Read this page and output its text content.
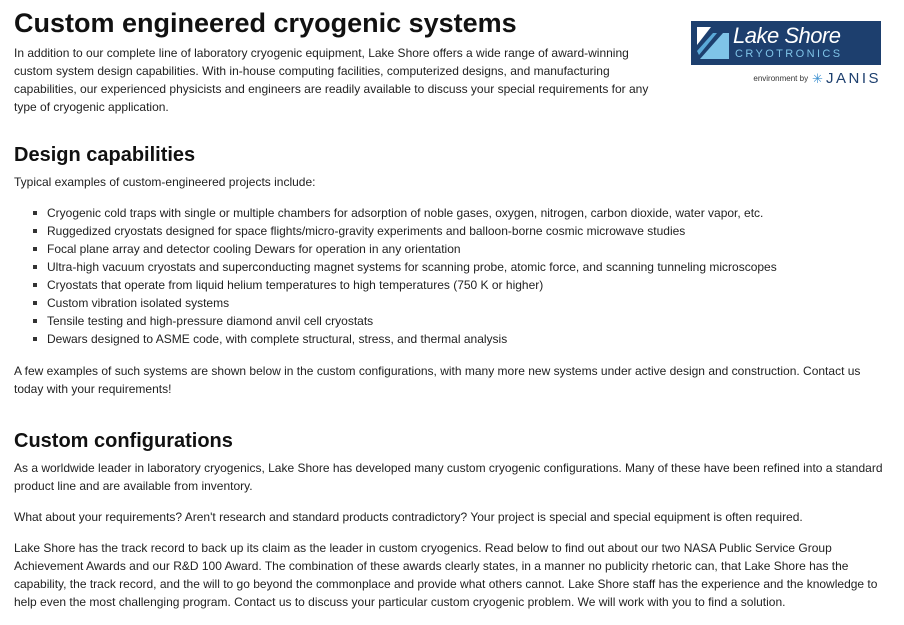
Custom engineered cryogenic systems

In addition to our complete line of laboratory cryogenic equipment, Lake Shore offers a wide range of award-winning custom system design capabilities. With in-house computing facilities, computerized designs, and manufacturing capabilities, our experienced physicists and engineers are readily available to discuss your special requirements for any type of cryogenic application.

Design capabilities

Typical examples of custom-engineered projects include:

Cryogenic cold traps with single or multiple chambers for adsorption of noble gases, oxygen, nitrogen, carbon dioxide, water vapor, etc.
Ruggedized cryostats designed for space flights/micro-gravity experiments and balloon-borne cosmic microwave studies
Focal plane array and detector cooling Dewars for operation in any orientation
Ultra-high vacuum cryostats and superconducting magnet systems for scanning probe, atomic force, and scanning tunneling microscopes
Cryostats that operate from liquid helium temperatures to high temperatures (750 K or higher)
Custom vibration isolated systems
Tensile testing and high-pressure diamond anvil cell cryostats
Dewars designed to ASME code, with complete structural, stress, and thermal analysis

A few examples of such systems are shown below in the custom configurations, with many more new systems under active design and construction. Contact us today with your requirements!

Custom configurations

As a worldwide leader in laboratory cryogenics, Lake Shore has developed many custom cryogenic configurations. Many of these have been refined into a standard product line and are available from inventory.

What about your requirements? Aren't research and standard products contradictory? Your project is special and special equipment is often required.

Lake Shore has the track record to back up its claim as the leader in custom cryogenics. Read below to find out about our two NASA Public Service Group Achievement Awards and our R&D 100 Award. The combination of these awards clearly states, in a manner no publicity rhetoric can, that Lake Shore has the capability, the track record, and the will to go beyond the commonplace and provide what others cannot. Lake Shore staff has the experience and the knowledge to help even the most challenging program. Contact us to discuss your particular custom cryogenic problem. We will work with you to find a solution.

Lake Shore
CRYOTRONICS
environment by ✳ JANIS
